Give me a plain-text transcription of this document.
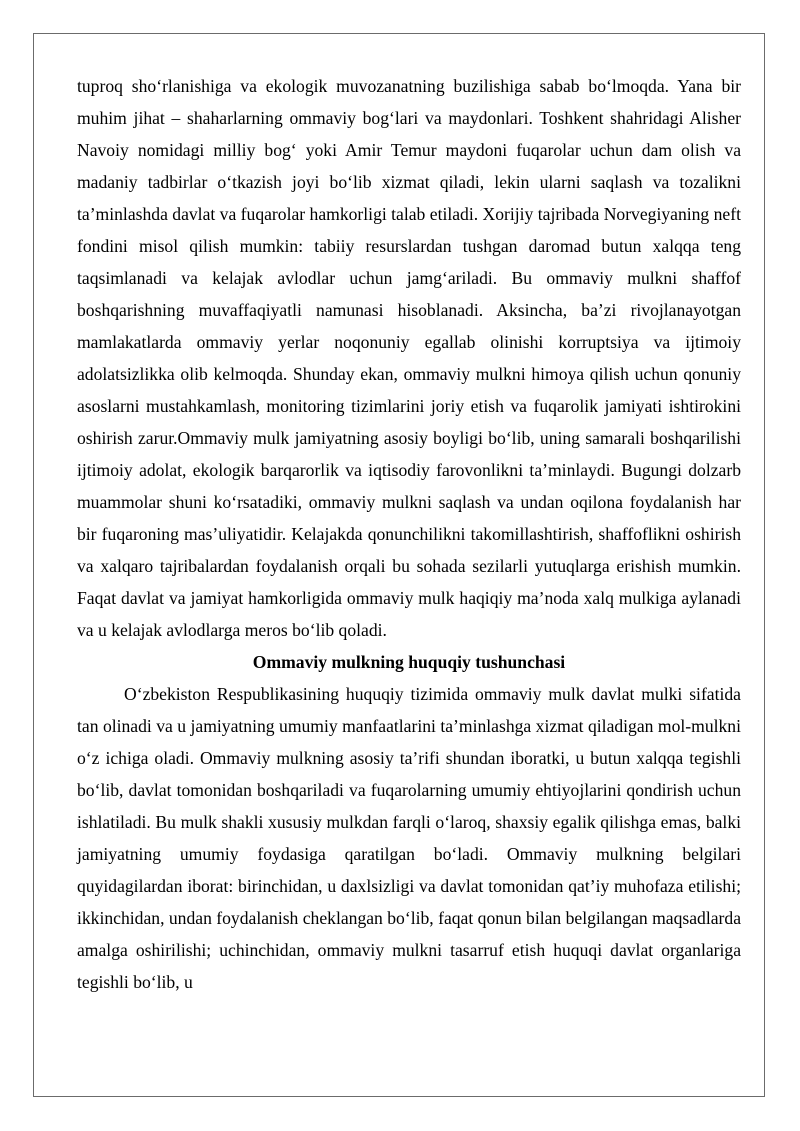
tuproq sho‘rlanishiga va ekologik muvozanatning buzilishiga sabab bo‘lmoqda. Yana bir muhim jihat – shaharlarning ommaviy bog‘lari va maydonlari. Toshkent shahridagi Alisher Navoiy nomidagi milliy bog‘ yoki Amir Temur maydoni fuqarolar uchun dam olish va madaniy tadbirlar o‘tkazish joyi bo‘lib xizmat qiladi, lekin ularni saqlash va tozalikni ta’minlashda davlat va fuqarolar hamkorligi talab etiladi. Xorijiy tajribada Norvegiyaning neft fondini misol qilish mumkin: tabiiy resurslardan tushgan daromad butun xalqqa teng taqsimlanadi va kelajak avlodlar uchun jamg‘ariladi. Bu ommaviy mulkni shaffof boshqarishning muvaffaqiyatli namunasi hisoblanadi. Aksincha, ba’zi rivojlanayotgan mamlakatlarda ommaviy yerlar noqonuniy egallab olinishi korruptsiya va ijtimoiy adolatsizlikka olib kelmoqda. Shunday ekan, ommaviy mulkni himoya qilish uchun qonuniy asoslarni mustahkamlash, monitoring tizimlarini joriy etish va fuqarolik jamiyati ishtirokini oshirish zarur.Ommaviy mulk jamiyatning asosiy boyligi bo‘lib, uning samarali boshqarilishi ijtimoiy adolat, ekologik barqarorlik va iqtisodiy farovonlikni ta’minlaydi. Bugungi dolzarb muammolar shuni ko‘rsatadiki, ommaviy mulkni saqlash va undan oqilona foydalanish har bir fuqaroning mas’uliyatidir. Kelajakda qonunchilikni takomillashtirish, shaffoflikni oshirish va xalqaro tajribalardan foydalanish orqali bu sohada sezilarli yutuqlarga erishish mumkin. Faqat davlat va jamiyat hamkorligida ommaviy mulk haqiqiy ma’noda xalq mulkiga aylanadi va u kelajak avlodlarga meros bo‘lib qoladi.

Ommaviy mulkning huquqiy tushunchasi

O‘zbekiston Respublikasining huquqiy tizimida ommaviy mulk davlat mulki sifatida tan olinadi va u jamiyatning umumiy manfaatlarini ta’minlashga xizmat qiladigan mol-mulkni o‘z ichiga oladi. Ommaviy mulkning asosiy ta’rifi shundan iboratki, u butun xalqqa tegishli bo‘lib, davlat tomonidan boshqariladi va fuqarolarning umumiy ehtiyojlarini qondirish uchun ishlatiladi. Bu mulk shakli xususiy mulkdan farqli o‘laroq, shaxsiy egalik qilishga emas, balki jamiyatning umumiy foydasiga qaratilgan bo‘ladi. Ommaviy mulkning belgilari quyidagilardan iborat: birinchidan, u daxlsizligi va davlat tomonidan qat’iy muhofaza etilishi; ikkinchidan, undan foydalanish cheklangan bo‘lib, faqat qonun bilan belgilangan maqsadlarda amalga oshirilishi; uchinchidan, ommaviy mulkni tasarruf etish huquqi davlat organlariga tegishli bo‘lib, u
